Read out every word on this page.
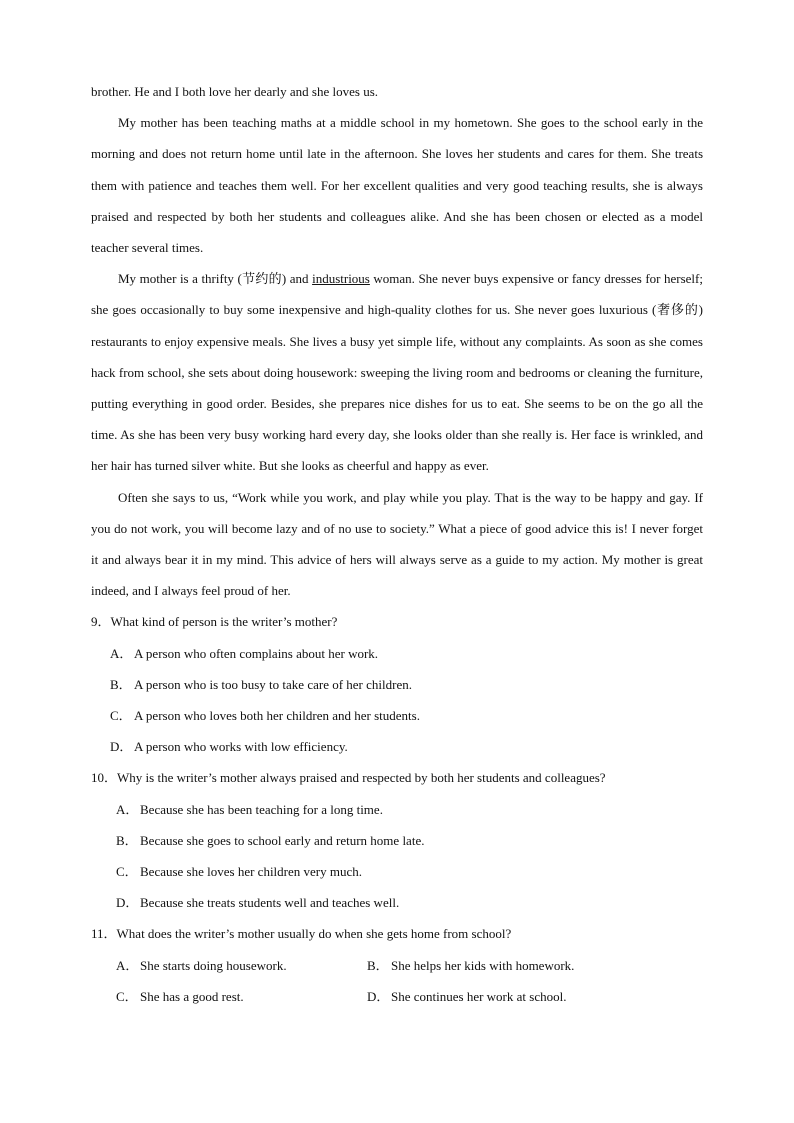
brother. He and I both love her dearly and she loves us.

My mother has been teaching maths at a middle school in my hometown. She goes to the school early in the morning and does not return home until late in the afternoon. She loves her students and cares for them. She treats them with patience and teaches them well. For her excellent qualities and very good teaching results, she is always praised and respected by both her students and colleagues alike. And she has been chosen or elected as a model teacher several times.

My mother is a thrifty (节约的) and industrious woman. She never buys expensive or fancy dresses for herself; she goes occasionally to buy some inexpensive and high-quality clothes for us. She never goes luxurious (奢侈的) restaurants to enjoy expensive meals. She lives a busy yet simple life, without any complaints. As soon as she comes hack from school, she sets about doing housework: sweeping the living room and bedrooms or cleaning the furniture, putting everything in good order. Besides, she prepares nice dishes for us to eat. She seems to be on the go all the time. As she has been very busy working hard every day, she looks older than she really is. Her face is wrinkled, and her hair has turned silver white. But she looks as cheerful and happy as ever.

Often she says to us, “Work while you work, and play while you play. That is the way to be happy and gay. If you do not work, you will become lazy and of no use to society.” What a piece of good advice this is! I never forget it and always bear it in my mind. This advice of hers will always serve as a guide to my action. My mother is great indeed, and I always feel proud of her.

9．What kind of person is the writer’s mother?

A． A person who often complains about her work.

B． A person who is too busy to take care of her children.

C． A person who loves both her children and her students.

D． A person who works with low efficiency.

10．Why is the writer’s mother always praised and respected by both her students and colleagues?

A． Because she has been teaching for a long time.

B． Because she goes to school early and return home late.

C． Because she loves her children very much.

D． Because she treats students well and teaches well.

11．What does the writer’s mother usually do when she gets home from school?

A． She starts doing housework.	B． She helps her kids with homework.
C． She has a good rest.	D． She continues her work at school.
